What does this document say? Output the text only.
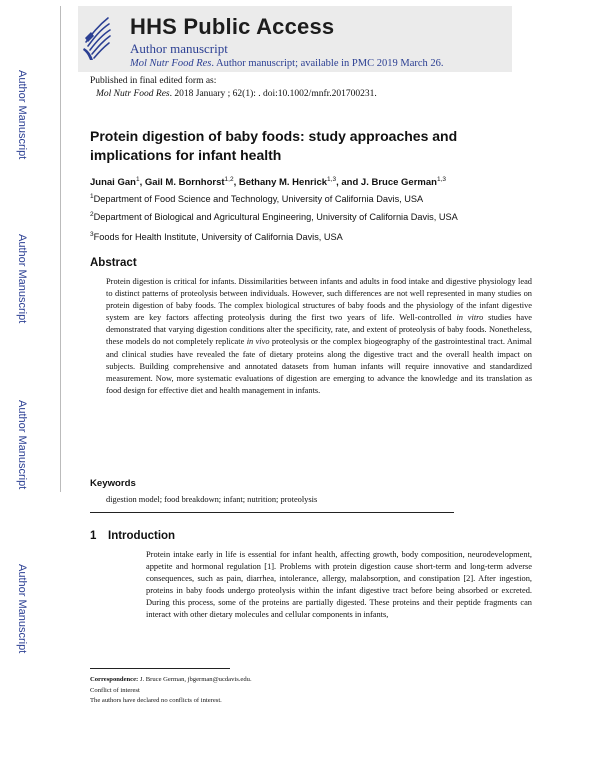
HHS Public Access
Author manuscript
Mol Nutr Food Res. Author manuscript; available in PMC 2019 March 26.
Author Manuscript
Author Manuscript
Author Manuscript
Author Manuscript
Published in final edited form as:
Mol Nutr Food Res. 2018 January ; 62(1): . doi:10.1002/mnfr.201700231.
Protein digestion of baby foods: study approaches and implications for infant health
Junai Gan$^1$, Gail M. Bornhorst$^{1,2}$, Bethany M. Henrick$^{1,3}$, and J. Bruce German$^{1,3}$
$^1$Department of Food Science and Technology, University of California Davis, USA
$^2$Department of Biological and Agricultural Engineering, University of California Davis, USA
$^3$Foods for Health Institute, University of California Davis, USA
Abstract

Protein digestion is critical for infants. Dissimilarities between infants and adults in food intake and digestive physiology lead to distinct patterns of proteolysis between individuals. However, such differences are not well represented in many studies on protein digestion of baby foods. The complex biological structures of baby foods and the physiology of the infant digestive system are key factors affecting proteolysis during the first two years of life. Well-controlled in vitro studies have demonstrated that varying digestion conditions alter the specificity, rate, and extent of proteolysis of baby foods. Nonetheless, these models do not completely replicate in vivo proteolysis or the complex biogeography of the gastrointestinal tract. Animal and clinical studies have revealed the fate of dietary proteins along the digestive tract and the overall health impact on subjects. Building comprehensive and annotated datasets from human infants will require innovative and standardized measurement. Now, more systematic evaluations of digestion are emerging to advance the knowledge and its translation as food design for effective diet and health management in infants.

Keywords
digestion model; food breakdown; infant; nutrition; proteolysis
1 Introduction

Protein intake early in life is essential for infant health, affecting growth, body composition, neurodevelopment, appetite and hormonal regulation [1]. Problems with protein digestion cause short-term and long-term adverse consequences, such as pain, diarrhea, intolerance, allergy, malabsorption, and constipation [2]. After ingestion, proteins in baby foods undergo proteolysis within the infant digestive tract before being absorbed or excreted. During this process, some of the proteins are partially digested. These proteins and their peptide fragments can interact with other dietary molecules and cellular components in infants,

Correspondence: J. Bruce German, jbgerman@ucdavis.edu.
Conflict of interest
The authors have declared no conflicts of interest.
